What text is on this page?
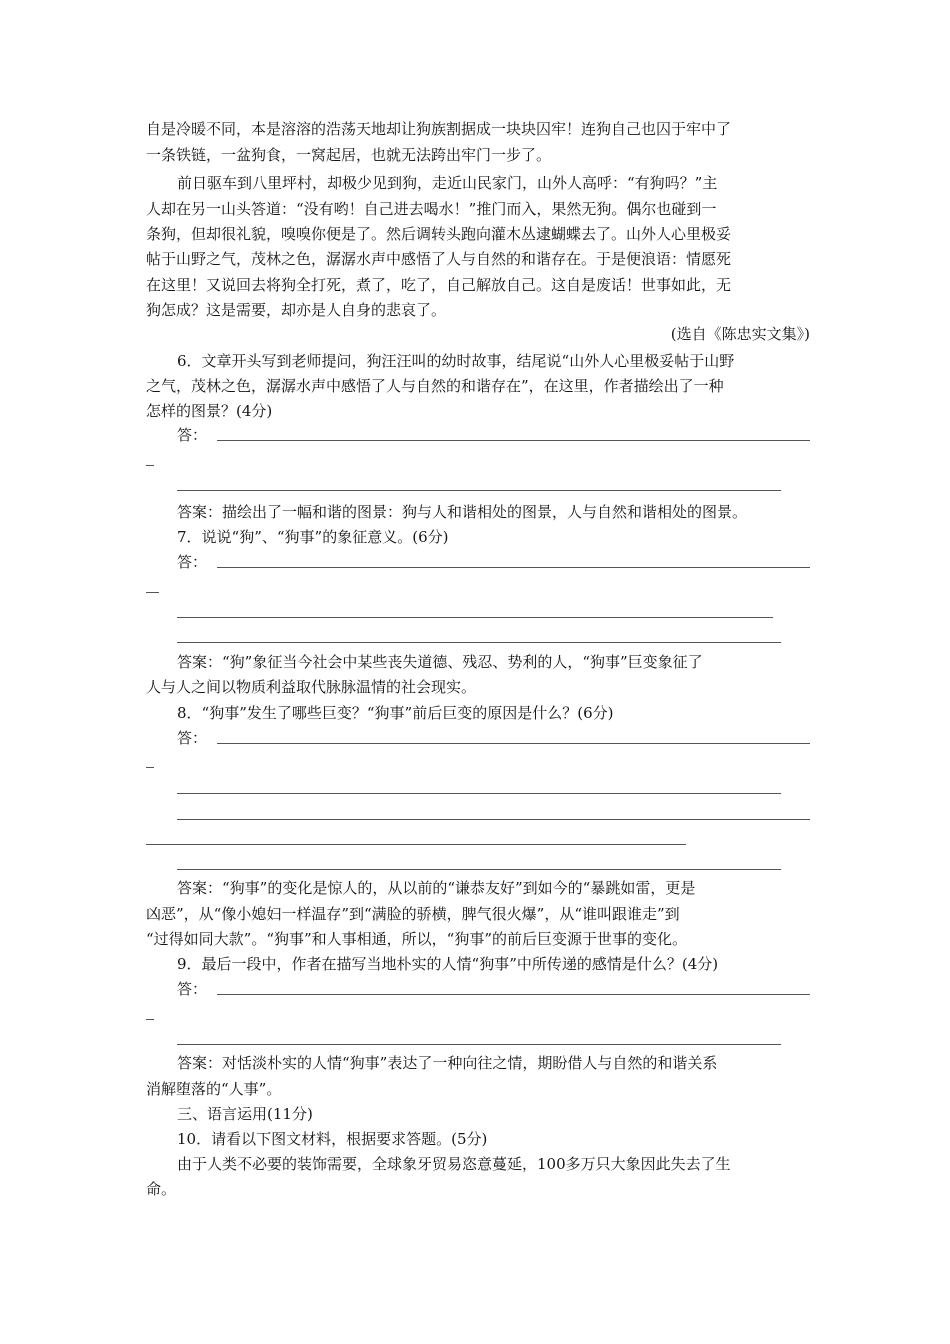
自是冷暖不同，本是溶溶的浩荡天地却让狗族割据成一块块囚牢！连狗自己也囚于牢中了
一条铁链，一盆狗食，一窝起居，也就无法跨出牢门一步了。
前日驱车到八里坪村，却极少见到狗，走近山民家门，山外人高呼：“有狗吗？”主
人却在另一山头答道：“没有哟！自己进去喝水！”推门而入，果然无狗。偶尔也碰到一
条狗，但却很礼貌，嗅嗅你便是了。然后调转头跑向灌木丛逮蝴蝶去了。山外人心里极妥
帖于山野之气，茂林之色，潺潺水声中感悟了人与自然的和谐存在。于是便浪语：情愿死
在这里！又说回去将狗全打死，煮了，吃了，自己解放自己。这自是废话！世事如此，无
狗怎成？这是需要，却亦是人自身的悲哀了。
(选自《陈忠实文集》)
6．文章开头写到老师提问，狗汪汪叫的幼时故事，结尾说“山外人心里极妥帖于山野
之气，茂林之色，潺潺水声中感悟了人与自然的和谐存在”，在这里，作者描绘出了一种
怎样的图景？(4分)
答：
答案：描绘出了一幅和谐的图景：狗与人和谐相处的图景，人与自然和谐相处的图景。
7．说说“狗”、“狗事”的象征意义。(6分)
答：
答案：“狗”象征当今社会中某些丧失道德、残忍、势利的人，“狗事”巨变象征了
人与人之间以物质利益取代脉脉温情的社会现实。
8．“狗事”发生了哪些巨变？“狗事”前后巨变的原因是什么？(6分)
答：
答案：“狗事”的变化是惊人的，从以前的“谦恭友好”到如今的“暴跳如雷，更是
凶恶”，从“像小媳妇一样温存”到“满脸的骄横，脾气很火爆”，从“谁叫跟谁走”到
“过得如同大款”。“狗事”和人事相通，所以，“狗事”的前后巨变源于世事的变化。
9．最后一段中，作者在描写当地朴实的人情“狗事”中所传递的感情是什么？(4分)
答：
答案：对恬淡朴实的人情“狗事”表达了一种向往之情，期盼借人与自然的和谐关系
消解堕落的“人事”。
三、语言运用(11分)
10．请看以下图文材料，根据要求答题。(5分)
由于人类不必要的装饰需要，全球象牙贸易恣意蔓延，100多万只大象因此失去了生
命。
